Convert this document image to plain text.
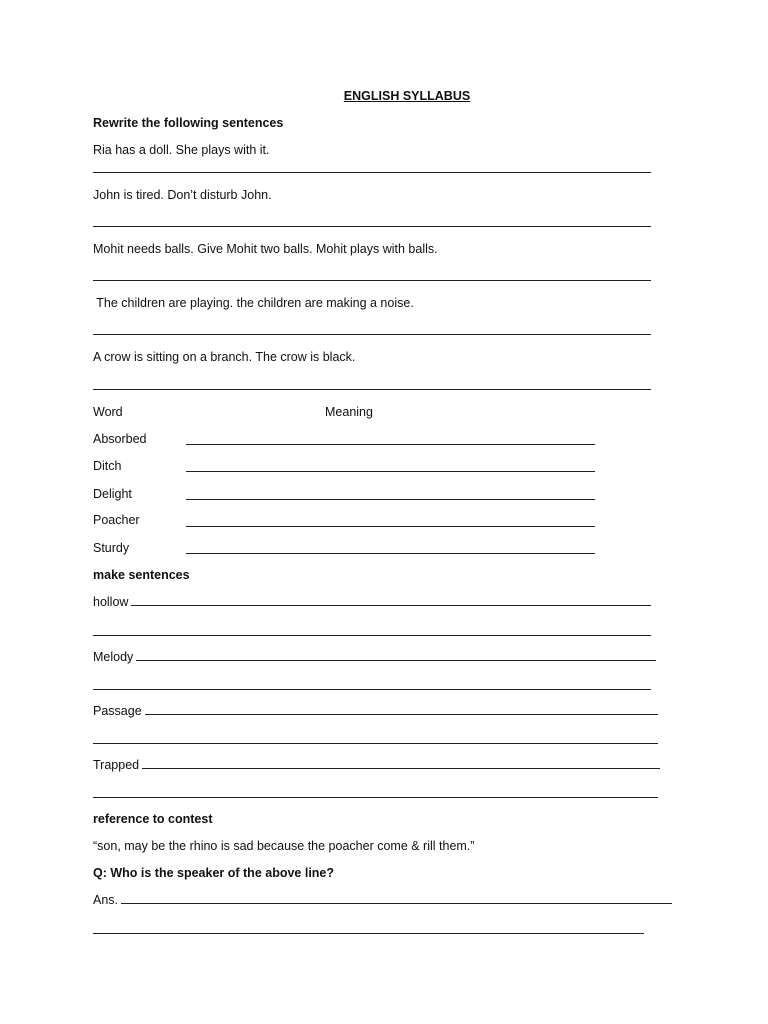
ENGLISH SYLLABUS
Rewrite the following sentences
Ria has a doll. She plays with it.
John is tired. Don’t disturb John.
Mohit needs balls. Give Mohit two balls. Mohit plays with balls.
The children are playing. the children are making a noise.
A crow is sitting on a branch. The crow is black.
Word	Meaning
Absorbed
Ditch
Delight
Poacher
Sturdy
make sentences
hollow
Melody
Passage
Trapped
reference to contest
“son, may be the rhino is sad because the poacher come & rill them.”
Q: Who is the speaker of the above line?
Ans.
